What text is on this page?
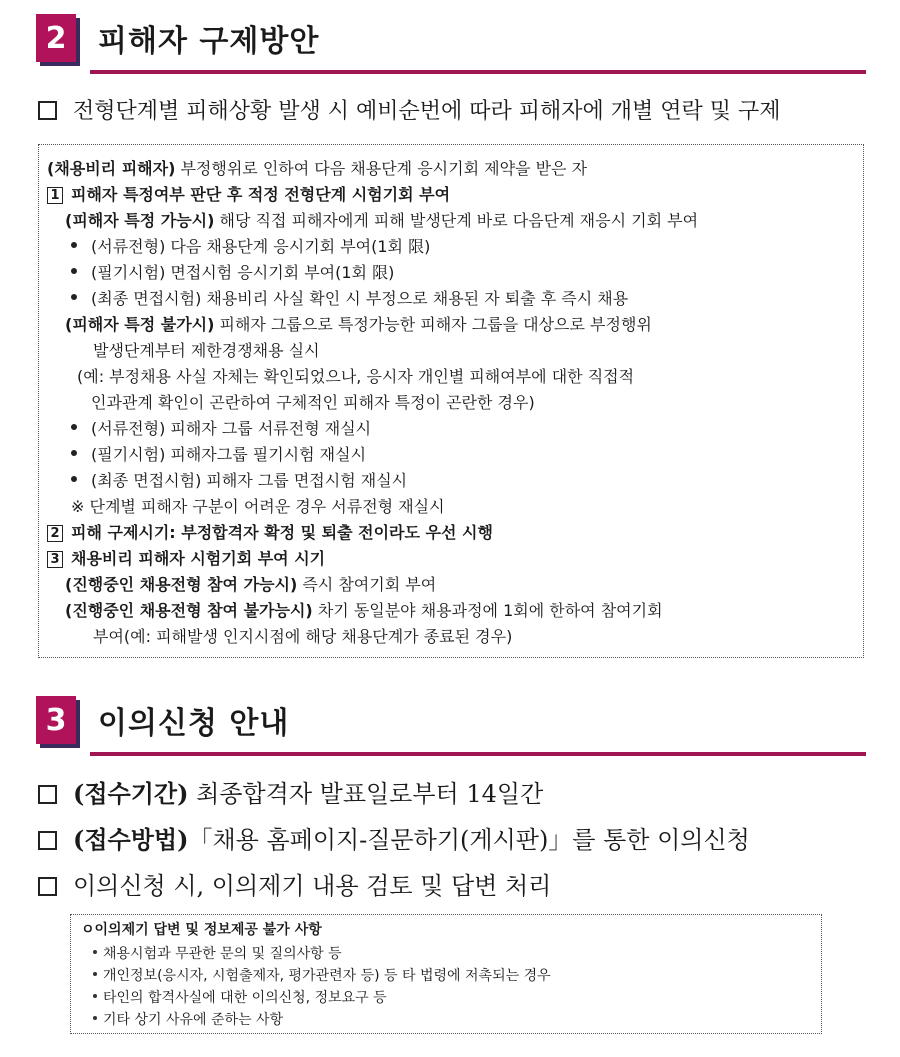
2	피해자 구제방안
전형단계별 피해상황 발생 시 예비순번에 따라 피해자에 개별 연락 및 구제
(채용비리 피해자) 부정행위로 인하여 다음 채용단계 응시기회 제약을 받은 자
1 피해자 특정여부 판단 후 적정 전형단계 시험기회 부여
(피해자 특정 가능시) 해당 직접 피해자에게 피해 발생단계 바로 다음단계 재응시 기회 부여
(서류전형) 다음 채용단계 응시기회 부여(1회 限)
(필기시험) 면접시험 응시기회 부여(1회 限)
(최종 면접시험) 채용비리 사실 확인 시 부정으로 채용된 자 퇴출 후 즉시 채용
(피해자 특정 불가시) 피해자 그룹으로 특정가능한 피해자 그룹을 대상으로 부정행위
발생단계부터 제한경쟁채용 실시
(예: 부정채용 사실 자체는 확인되었으나, 응시자 개인별 피해여부에 대한 직접적
인과관계 확인이 곤란하여 구체적인 피해자 특정이 곤란한 경우)
(서류전형) 피해자 그룹 서류전형 재실시
(필기시험) 피해자그룹 필기시험 재실시
(최종 면접시험) 피해자 그룹 면접시험 재실시
※ 단계별 피해자 구분이 어려운 경우 서류전형 재실시
2 피해 구제시기: 부정합격자 확정 및 퇴출 전이라도 우선 시행
3 채용비리 피해자 시험기회 부여 시기
(진행중인 채용전형 참여 가능시) 즉시 참여기회 부여
(진행중인 채용전형 참여 불가능시) 차기 동일분야 채용과정에 1회에 한하여 참여기회
부여(예: 피해발생 인지시점에 해당 채용단계가 종료된 경우)
3	이의신청 안내
(접수기간) 최종합격자 발표일로부터 14일간
(접수방법)「채용 홈페이지-질문하기(게시판)」를 통한 이의신청
이의신청 시, 이의제기 내용 검토 및 답변 처리
ㅇ이의제기 답변 및 정보제공 불가 사항
채용시험과 무관한 문의 및 질의사항 등
개인정보(응시자, 시험출제자, 평가관련자 등) 등 타 법령에 저촉되는 경우
타인의 합격사실에 대한 이의신청, 정보요구 등
기타 상기 사유에 준하는 사항
